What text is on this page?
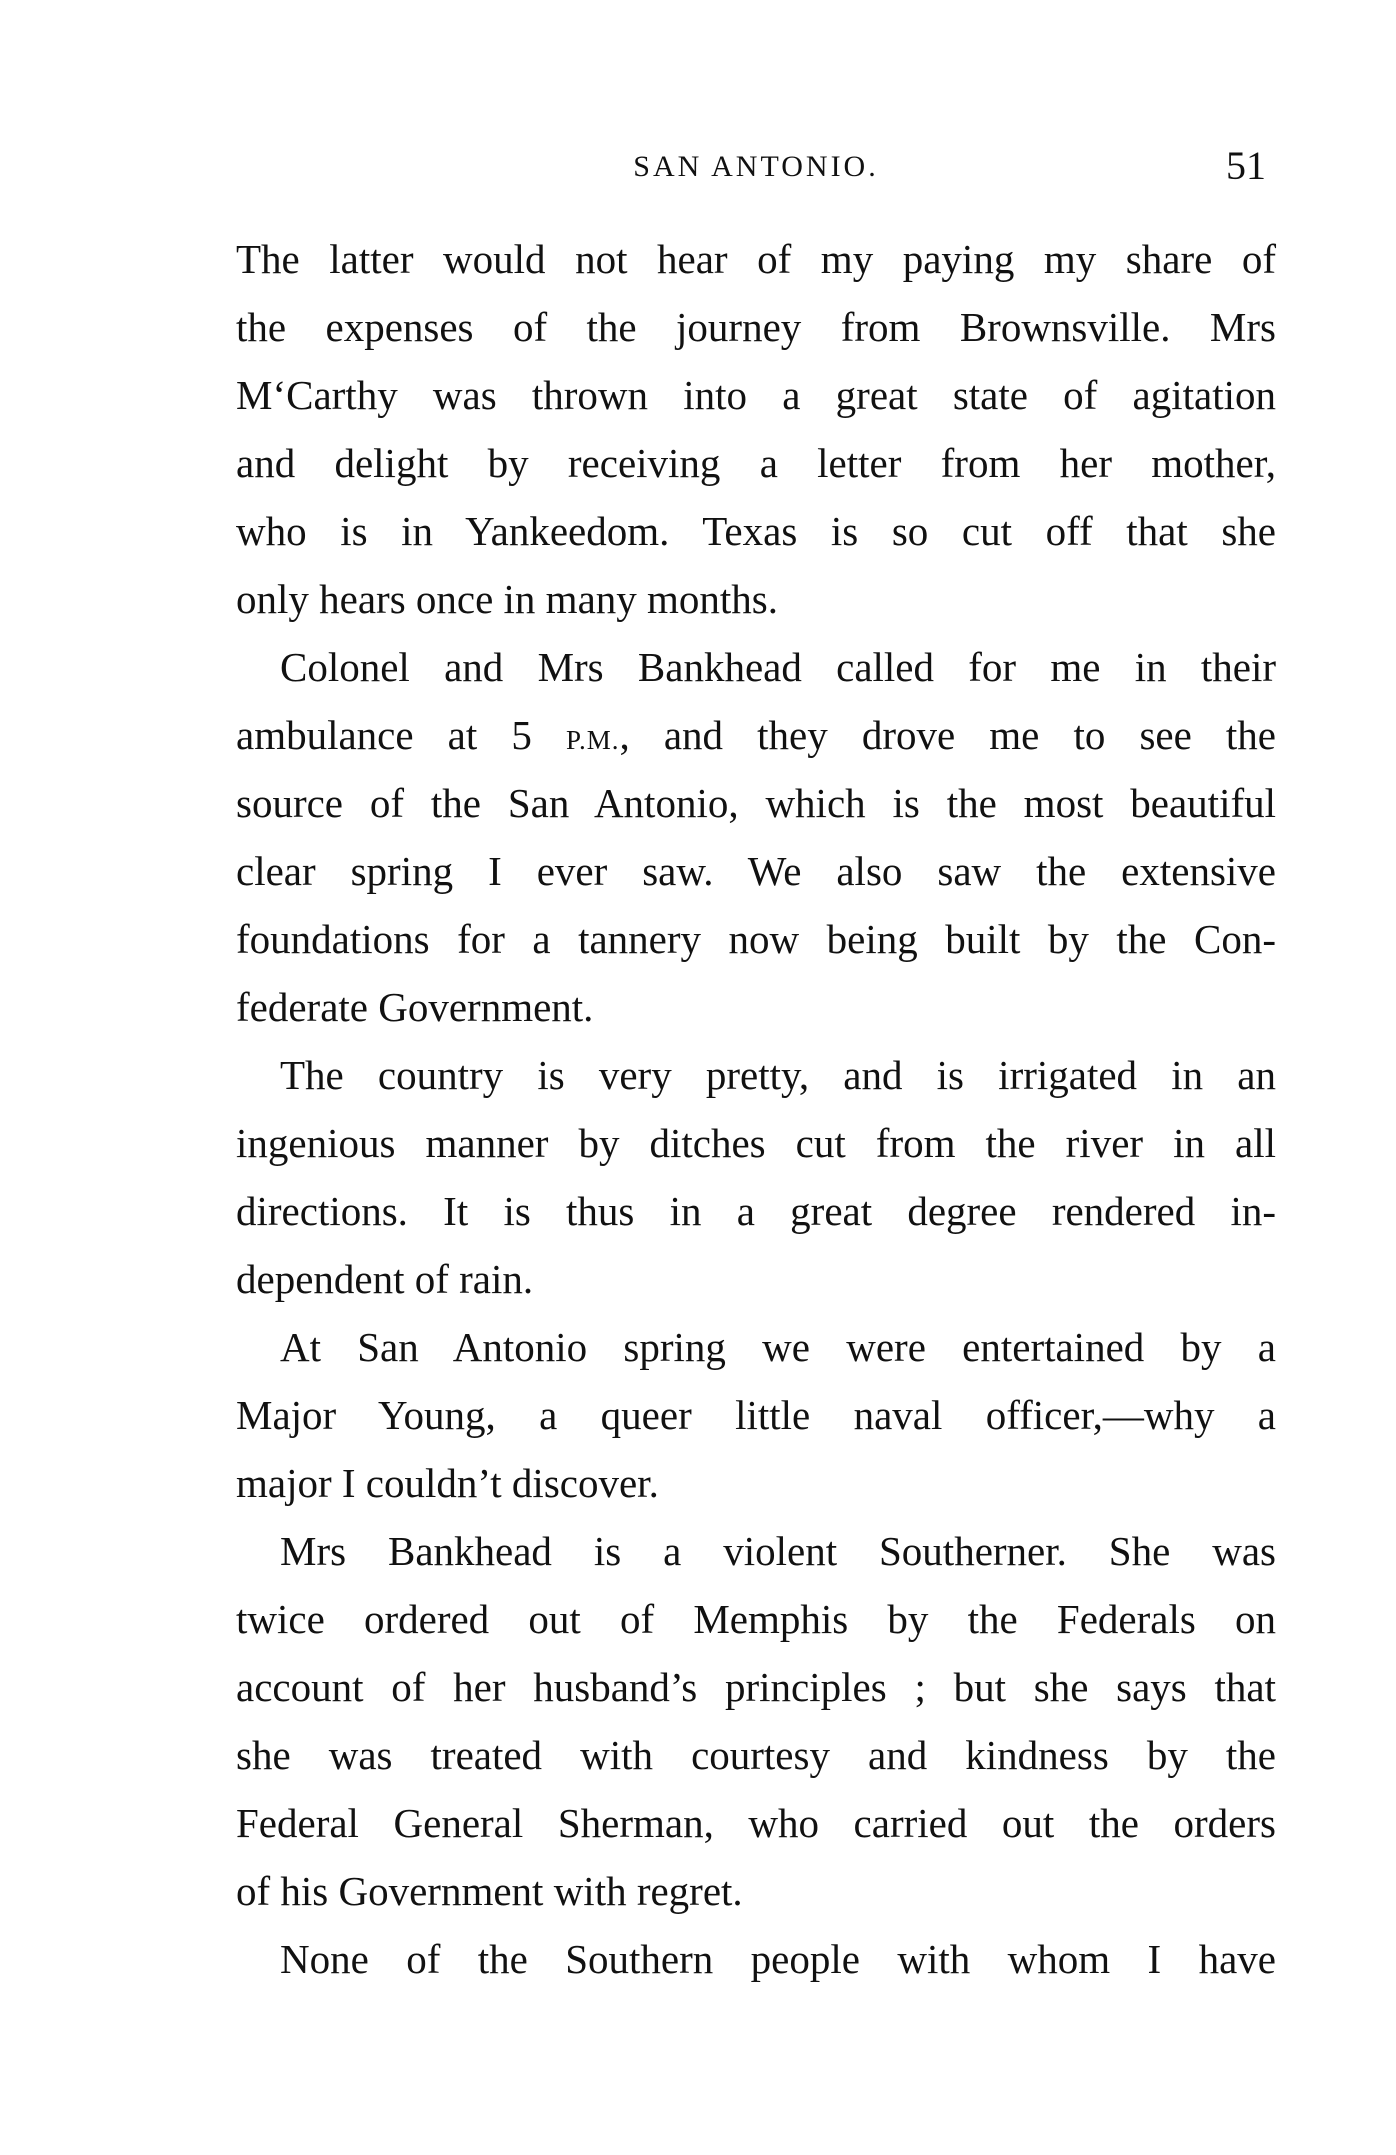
SAN ANTONIO.	51
The latter would not hear of my paying my share of
the expenses of the journey from Brownsville. Mrs
M‘Carthy was thrown into a great state of agitation
and delight by receiving a letter from her mother,
who is in Yankeedom. Texas is so cut off that she
only hears once in many months.
Colonel and Mrs Bankhead called for me in their
ambulance at 5 P.M., and they drove me to see the
source of the San Antonio, which is the most beautiful
clear spring I ever saw. We also saw the extensive
foundations for a tannery now being built by the Con-
federate Government.
The country is very pretty, and is irrigated in an
ingenious manner by ditches cut from the river in all
directions. It is thus in a great degree rendered in-
dependent of rain.
At San Antonio spring we were entertained by a
Major Young, a queer little naval officer,—why a
major I couldn’t discover.
Mrs Bankhead is a violent Southerner. She was
twice ordered out of Memphis by the Federals on
account of her husband’s principles ; but she says that
she was treated with courtesy and kindness by the
Federal General Sherman, who carried out the orders
of his Government with regret.
None of the Southern people with whom I have
